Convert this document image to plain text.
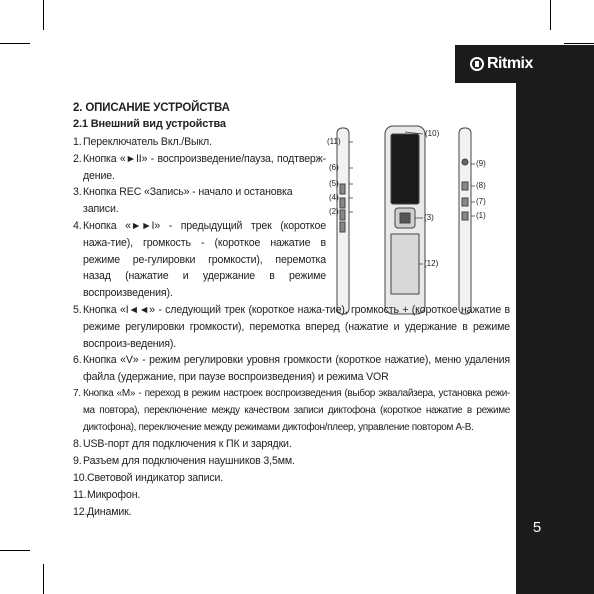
Ritmix
5
(11)
(10)
(9)
(6)
(8)
(5)
(7)
(4)
(2)
(3)	(1)
(12)
2. ОПИСАНИЕ УСТРОЙСТВА
2.1 Внешний вид устройства
1. Переключатель Вкл./Выкл.
2. Кнопка «►II» - воспроизведение/пауза, подтверж-дение.
3. Кнопка REC «Запись» - начало и остановка записи.
4. Кнопка «►►I» - предыдущий трек (короткое нажа-тие), громкость - (короткое нажатие в режиме ре-гулировки громкости), перемотка назад (нажатие и удержание в режиме воспроизведения).
5. Кнопка «I◄◄» - следующий трек (короткое нажа-тие), громкость + (короткое нажатие в режиме регулировки громкости), перемотка вперед (нажатие и удержание в режиме воспроиз-ведения).
6. Кнопка «V» - режим регулировки уровня громкости (короткое нажатие), меню удаления файла (удержание, при паузе воспроизведения) и режима VOR
7. Кнопка «M» - переход в режим настроек воспроизведения (выбор эквалайзера, установка режи-ма повтора), переключение между качеством записи диктофона (короткое нажатие в режиме диктофона), переключение между режимами диктофон/плеер, управление повтором A-B.
8. USB-порт для подключения к ПК и зарядки.
9. Разъем для подключения наушников 3,5мм.
10. Световой индикатор записи.
11. Микрофон.
12. Динамик.
